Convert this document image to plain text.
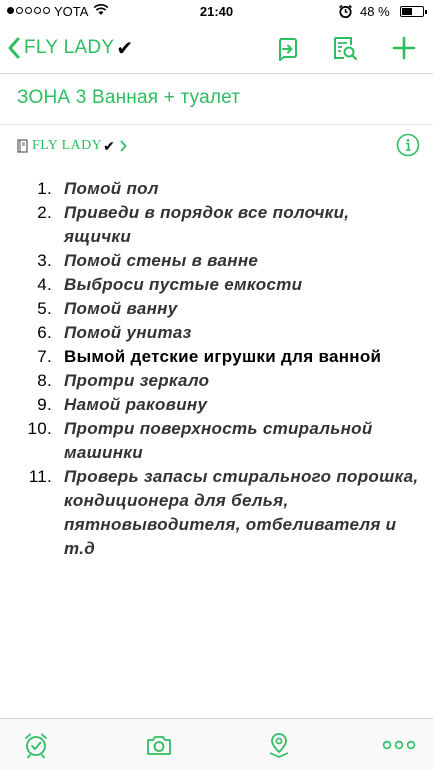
YOTA	21:40	48 %
FLY LADY ✔
ЗОНА 3 Ванная + туалет
FLY LADY ✔
1. Помой пол
2. Приведи в порядок все полочки, ящички
3. Помой стены в ванне
4. Выброси пустые емкости
5. Помой ванну
6. Помой унитаз
7. Вымой детские игрушки для ванной
8. Протри зеркало
9. Намой раковину
10. Протри поверхность стиральной машинки
11. Проверь запасы стирального порошка, кондиционера для белья, пятновыводителя, отбеливателя и т.д
